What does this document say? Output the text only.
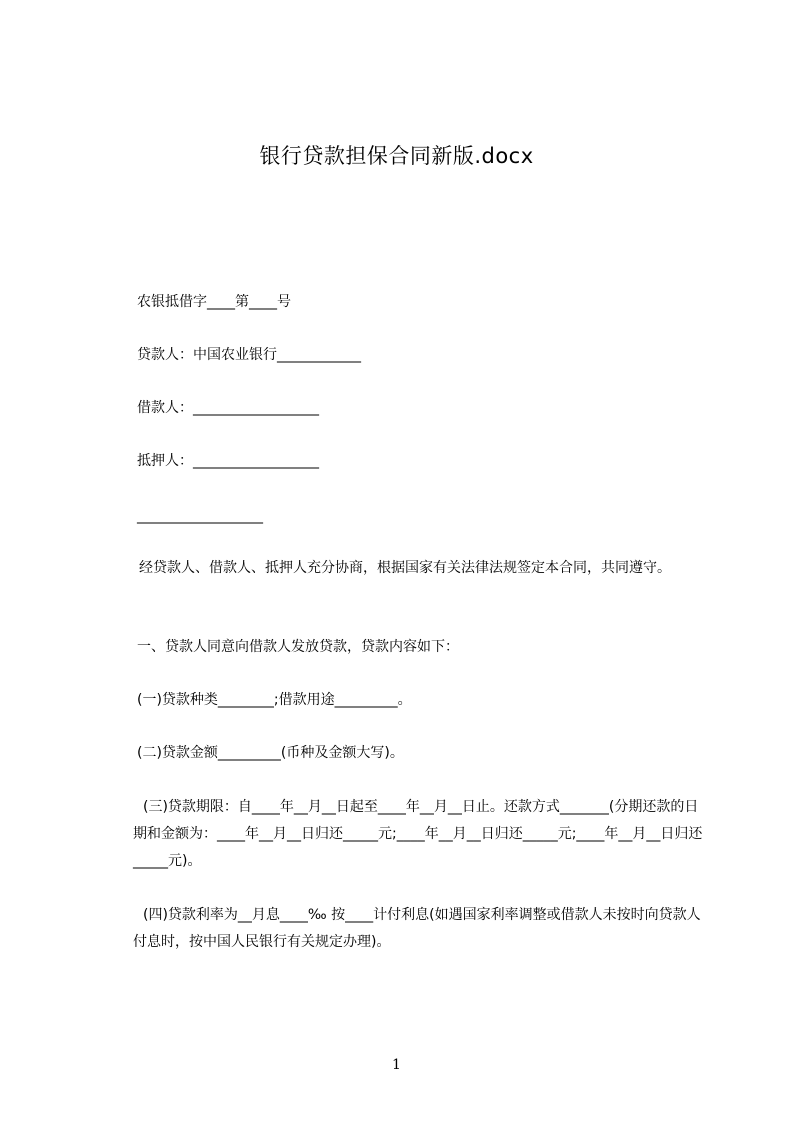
银行贷款担保合同新版.docx
农银抵借字____第____号
贷款人：中国农业银行____________
借款人：__________________
抵押人：__________________
__________________
经贷款人、借款人、抵押人充分协商，根据国家有关法律法规签定本合同，共同遵守。
一、贷款人同意向借款人发放贷款，贷款内容如下：
(一)贷款种类________;借款用途_________。
(二)贷款金额_________(币种及金额大写)。
(三)贷款期限：自____年__月__日起至____年__月__日止。还款方式_______(分期还款的日期和金额为：____年__月__日归还_____元;____年__月__日归还_____元;____年__月__日归还_____元)。
(四)贷款利率为__月息____‰ 按____计付利息(如遇国家利率调整或借款人未按时向贷款人付息时，按中国人民银行有关规定办理)。
1
